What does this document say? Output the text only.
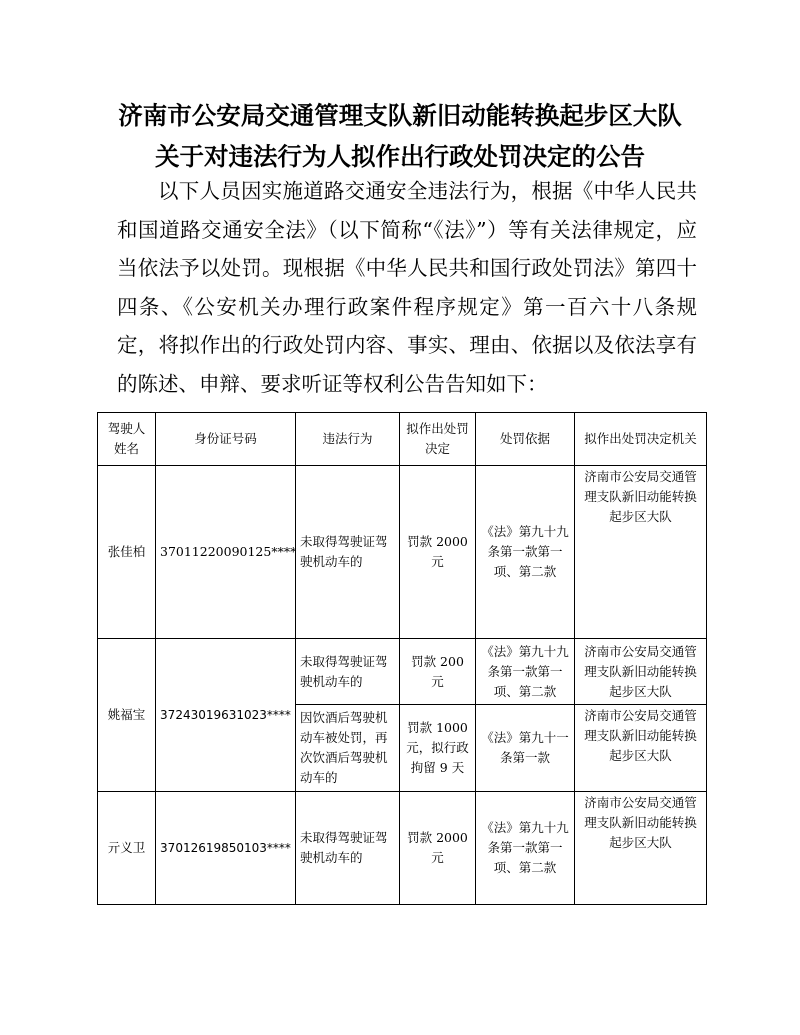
济南市公安局交通管理支队新旧动能转换起步区大队
关于对违法行为人拟作出行政处罚决定的公告
以下人员因实施道路交通安全违法行为，根据《中华人民共和国道路交通安全法》（以下简称“《法》”）等有关法律规定，应当依法予以处罚。现根据《中华人民共和国行政处罚法》第四十四条、《公安机关办理行政案件程序规定》第一百六十八条规定，将拟作出的行政处罚内容、事实、理由、依据以及依法享有的陈述、申辩、要求听证等权利公告告知如下：
驾驶人姓名	身份证号码	违法行为	拟作出处罚决定	处罚依据	拟作出处罚决定机关
张佳柏	37011220090125****	未取得驾驶证驾驶机动车的	罚款 2000 元	《法》第九十九条第一款第一项、第二款	济南市公安局交通管理支队新旧动能转换起步区大队
姚福宝	37243019631023****	未取得驾驶证驾驶机动车的	罚款 200 元	《法》第九十九条第一款第一项、第二款	济南市公安局交通管理支队新旧动能转换起步区大队
		因饮酒后驾驶机动车被处罚，再次饮酒后驾驶机动车的	罚款 1000 元，拟行政拘留 9 天	《法》第九十一条第一款	济南市公安局交通管理支队新旧动能转换起步区大队
亓义卫	37012619850103****	未取得驾驶证驾驶机动车的	罚款 2000 元	《法》第九十九条第一款第一项、第二款	济南市公安局交通管理支队新旧动能转换起步区大队
